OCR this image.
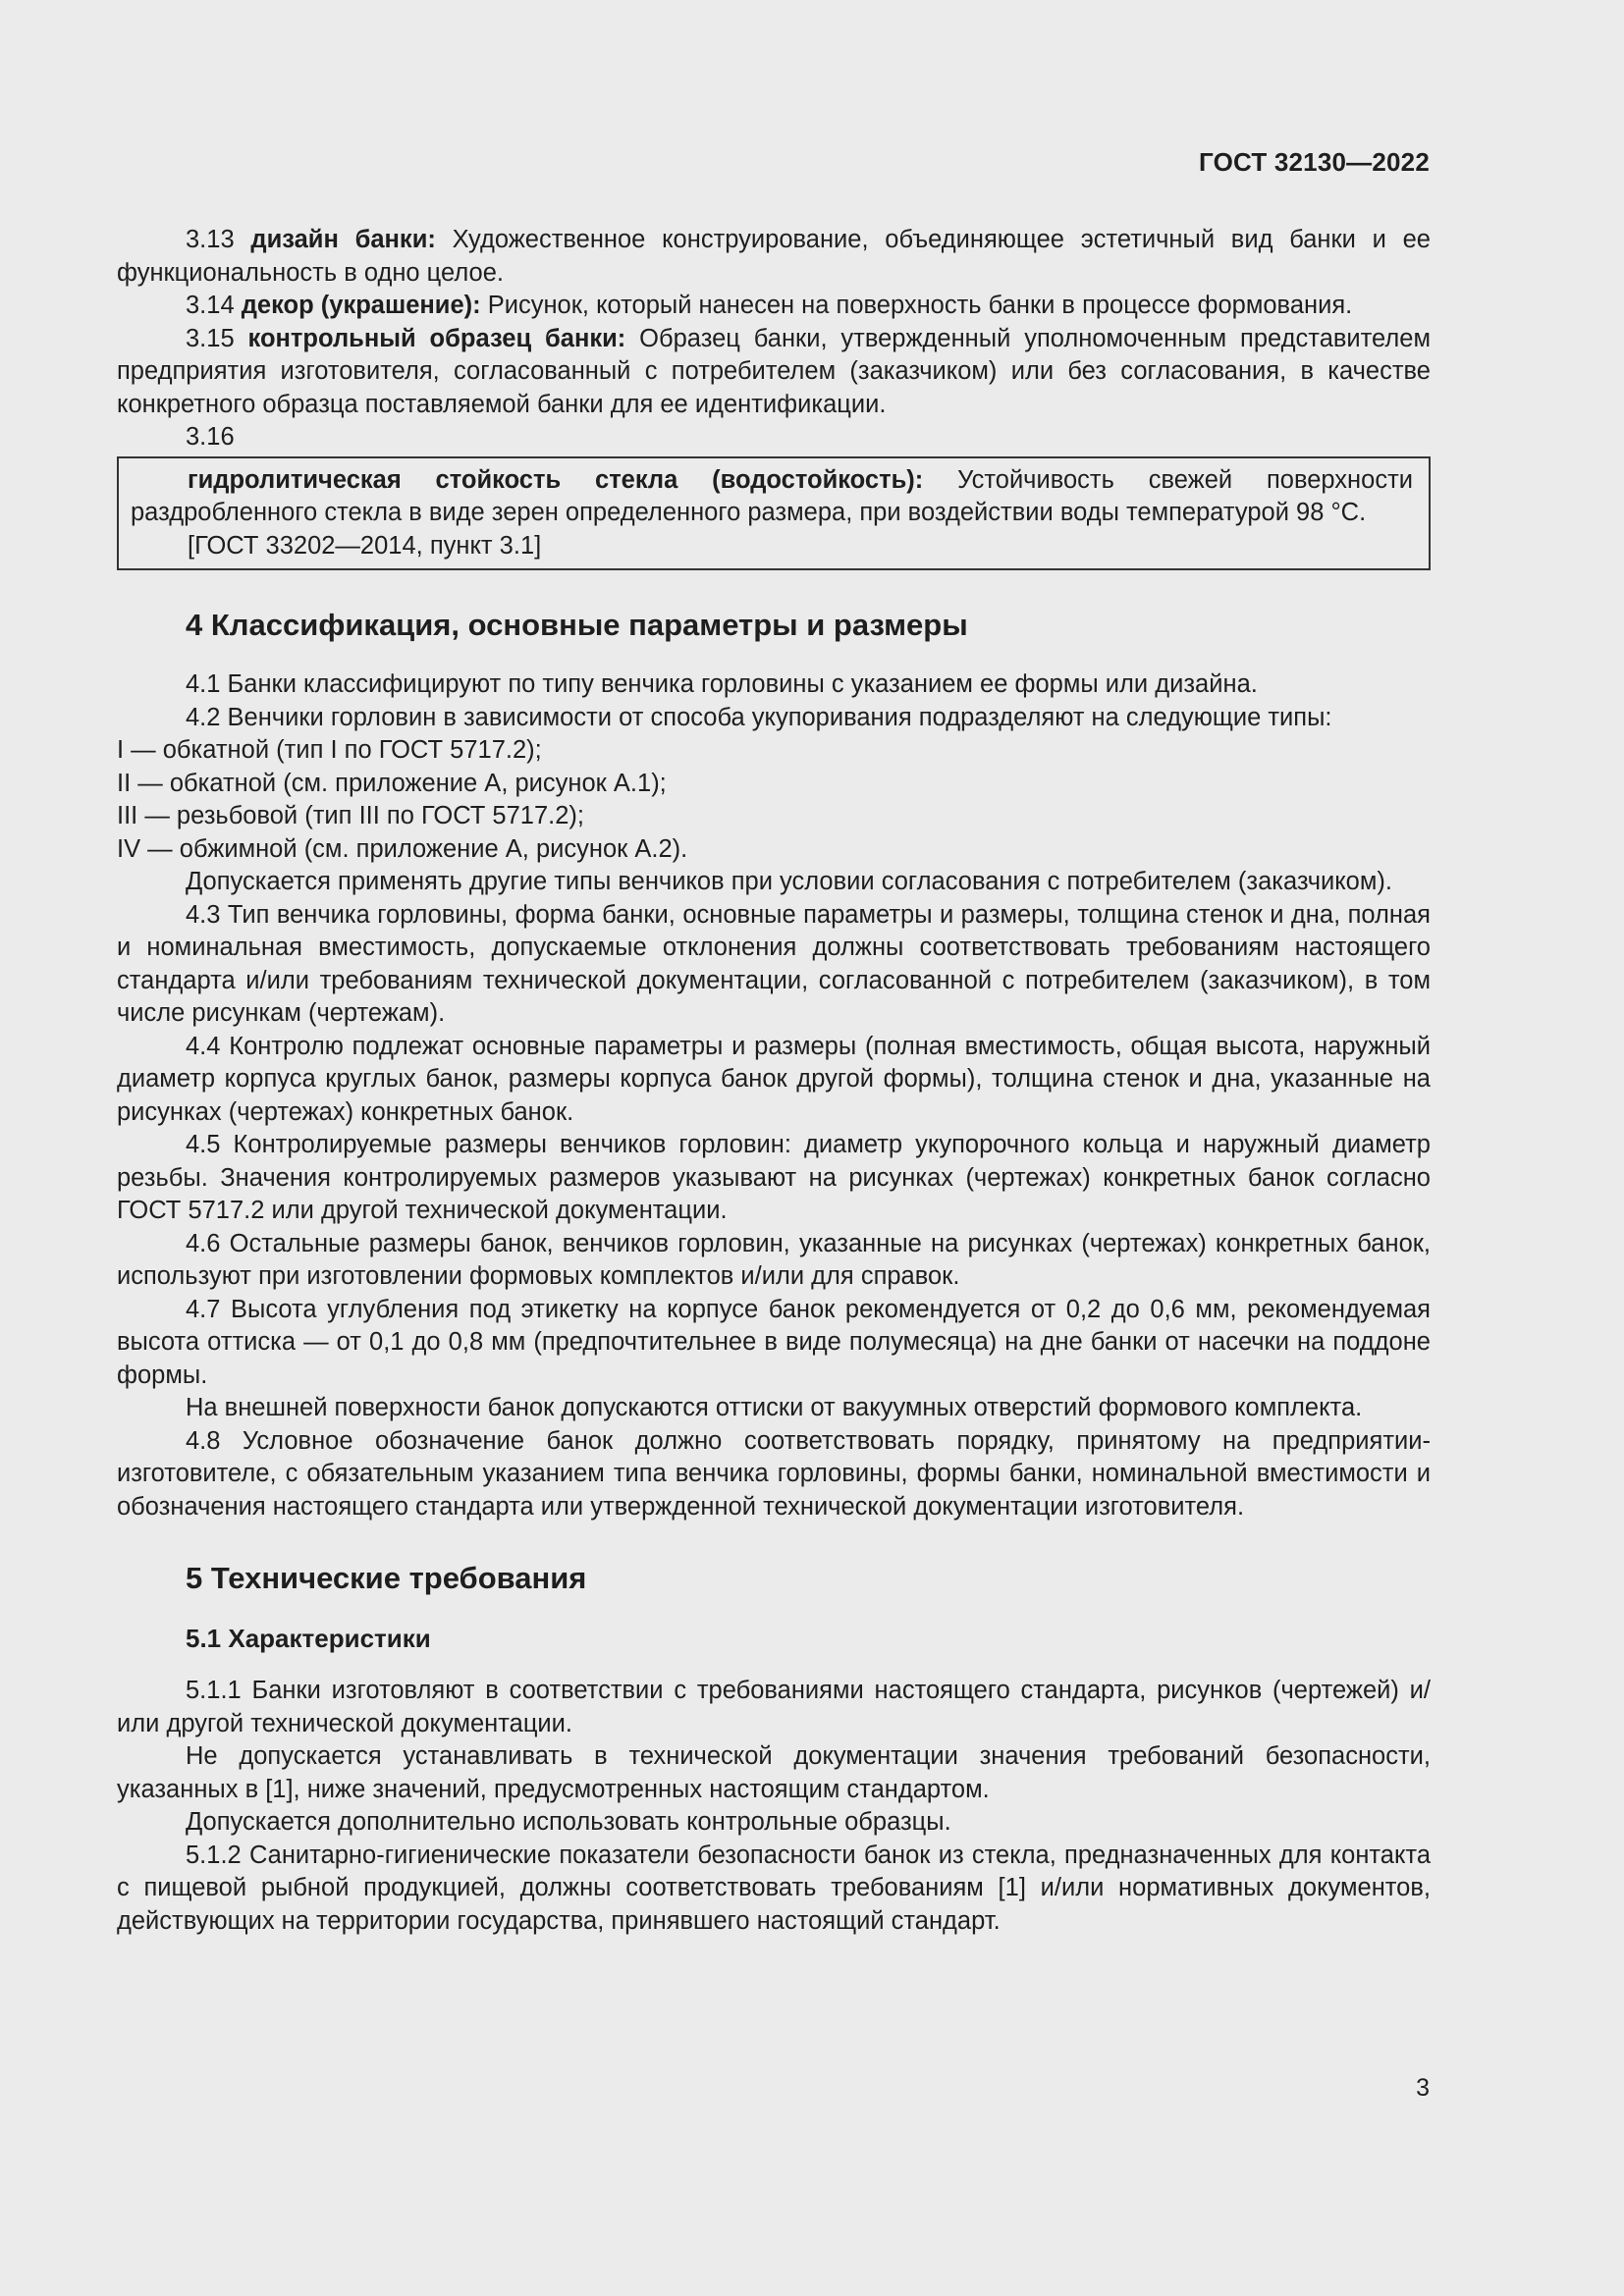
ГОСТ 32130—2022

3.13 дизайн банки: Художественное конструирование, объединяющее эстетичный вид банки и ее функциональность в одно целое.

3.14 декор (украшение): Рисунок, который нанесен на поверхность банки в процессе формования.

3.15 контрольный образец банки: Образец банки, утвержденный уполномоченным представителем предприятия изготовителя, согласованный с потребителем (заказчиком) или без согласования, в качестве конкретного образца поставляемой банки для ее идентификации.

3.16

гидролитическая стойкость стекла (водостойкость): Устойчивость свежей поверхности раздробленного стекла в виде зерен определенного размера, при воздействии воды температурой 98 °С.

[ГОСТ 33202—2014, пункт 3.1]

4 Классификация, основные параметры и размеры

4.1 Банки классифицируют по типу венчика горловины с указанием ее формы или дизайна.

4.2 Венчики горловин в зависимости от способа укупоривания подразделяют на следующие типы:

I — обкатной (тип I по ГОСТ 5717.2);

II — обкатной (см. приложение А, рисунок А.1);

III — резьбовой (тип III по ГОСТ 5717.2);

IV — обжимной (см. приложение А, рисунок А.2).

Допускается применять другие типы венчиков при условии согласования с потребителем (заказчиком).

4.3 Тип венчика горловины, форма банки, основные параметры и размеры, толщина стенок и дна, полная и номинальная вместимость, допускаемые отклонения должны соответствовать требованиям настоящего стандарта и/или требованиям технической документации, согласованной с потребителем (заказчиком), в том числе рисункам (чертежам).

4.4 Контролю подлежат основные параметры и размеры (полная вместимость, общая высота, наружный диаметр корпуса круглых банок, размеры корпуса банок другой формы), толщина стенок и дна, указанные на рисунках (чертежах) конкретных банок.

4.5 Контролируемые размеры венчиков горловин: диаметр укупорочного кольца и наружный диаметр резьбы. Значения контролируемых размеров указывают на рисунках (чертежах) конкретных банок согласно ГОСТ 5717.2 или другой технической документации.

4.6 Остальные размеры банок, венчиков горловин, указанные на рисунках (чертежах) конкретных банок, используют при изготовлении формовых комплектов и/или для справок.

4.7 Высота углубления под этикетку на корпусе банок рекомендуется от 0,2 до 0,6 мм, рекомендуемая высота оттиска — от 0,1 до 0,8 мм (предпочтительнее в виде полумесяца) на дне банки от насечки на поддоне формы.

На внешней поверхности банок допускаются оттиски от вакуумных отверстий формового комплекта.

4.8 Условное обозначение банок должно соответствовать порядку, принятому на предприятии-изготовителе, с обязательным указанием типа венчика горловины, формы банки, номинальной вместимости и обозначения настоящего стандарта или утвержденной технической документации изготовителя.

5 Технические требования
5.1 Характеристики

5.1.1 Банки изготовляют в соответствии с требованиями настоящего стандарта, рисунков (чертежей) и/или другой технической документации.

Не допускается устанавливать в технической документации значения требований безопасности, указанных в [1], ниже значений, предусмотренных настоящим стандартом.

Допускается дополнительно использовать контрольные образцы.

5.1.2 Санитарно-гигиенические показатели безопасности банок из стекла, предназначенных для контакта с пищевой рыбной продукцией, должны соответствовать требованиям [1] и/или нормативных документов, действующих на территории государства, принявшего настоящий стандарт.

3
